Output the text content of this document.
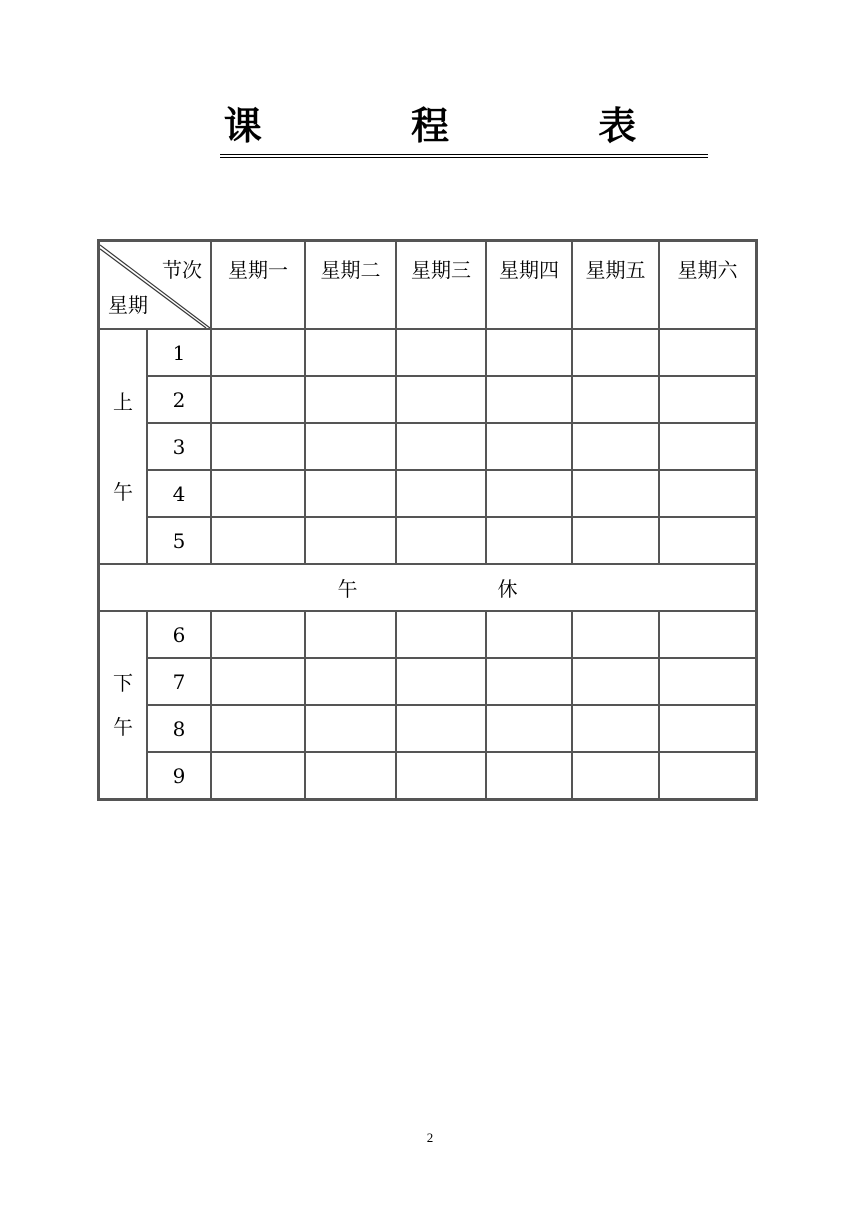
课 程 表
节次
星期		星期一	星期二	星期三	星期四	星期五	星期六

上
午	1						
	2						
	3						
	4						
	5						
午 休							

下
午	6						
	7						
	8						
	9						
2
